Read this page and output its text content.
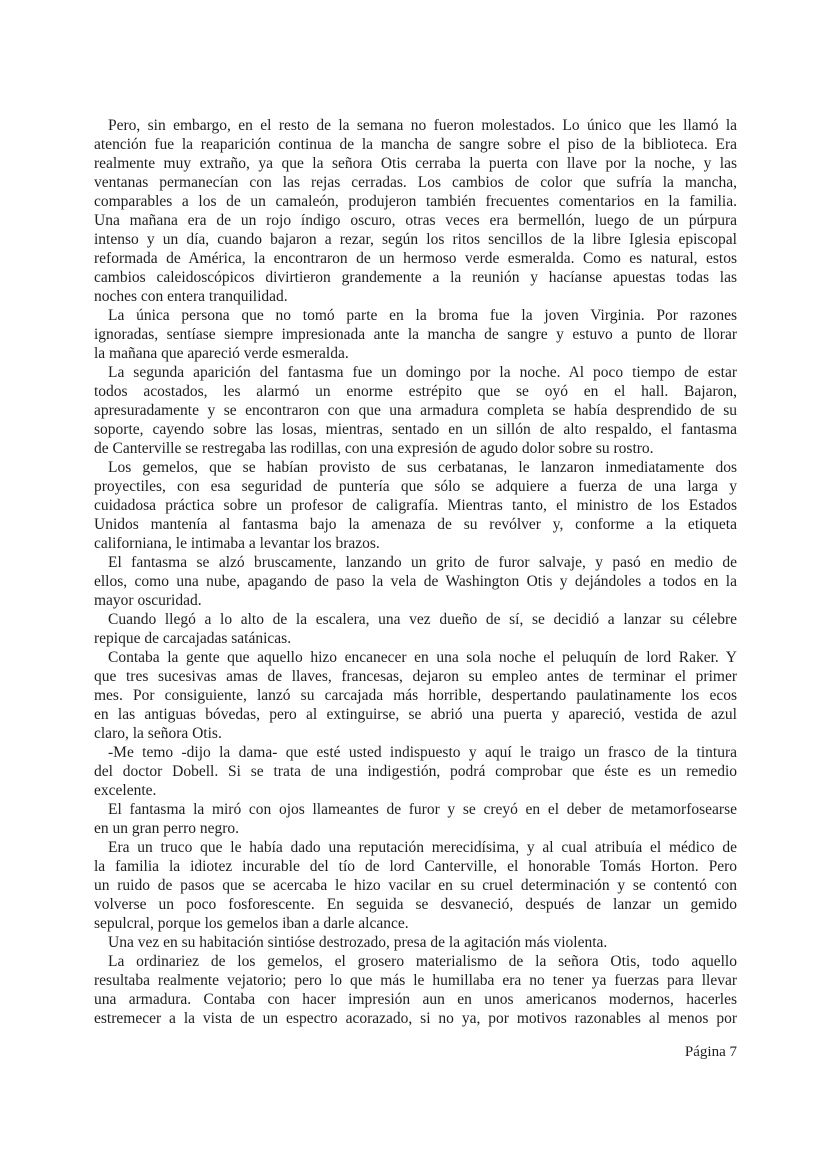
Pero, sin embargo, en el resto de la semana no fueron molestados. Lo único que les llamó la
atención fue la reaparición continua de la mancha de sangre sobre el piso de la biblioteca. Era
realmente muy extraño, ya que la señora Otis cerraba la puerta con llave por la noche, y las
ventanas permanecían con las rejas cerradas. Los cambios de color que sufría la mancha,
comparables a los de un camaleón, produjeron también frecuentes comentarios en la familia.
Una mañana era de un rojo índigo oscuro, otras veces era bermellón, luego de un púrpura
intenso y un día, cuando bajaron a rezar, según los ritos sencillos de la libre Iglesia episcopal
reformada de América, la encontraron de un hermoso verde esmeralda. Como es natural, estos
cambios caleidoscópicos divirtieron grandemente a la reunión y hacíanse apuestas todas las
noches con entera tranquilidad.
La única persona que no tomó parte en la broma fue la joven Virginia. Por razones
ignoradas, sentíase siempre impresionada ante la mancha de sangre y estuvo a punto de llorar
la mañana que apareció verde esmeralda.
La segunda aparición del fantasma fue un domingo por la noche. Al poco tiempo de estar
todos acostados, les alarmó un enorme estrépito que se oyó en el hall. Bajaron,
apresuradamente y se encontraron con que una armadura completa se había desprendido de su
soporte, cayendo sobre las losas, mientras, sentado en un sillón de alto respaldo, el fantasma
de Canterville se restregaba las rodillas, con una expresión de agudo dolor sobre su rostro.
Los gemelos, que se habían provisto de sus cerbatanas, le lanzaron inmediatamente dos
proyectiles, con esa seguridad de puntería que sólo se adquiere a fuerza de una larga y
cuidadosa práctica sobre un profesor de caligrafía. Mientras tanto, el ministro de los Estados
Unidos mantenía al fantasma bajo la amenaza de su revólver y, conforme a la etiqueta
californiana, le intimaba a levantar los brazos.
El fantasma se alzó bruscamente, lanzando un grito de furor salvaje, y pasó en medio de
ellos, como una nube, apagando de paso la vela de Washington Otis y dejándoles a todos en la
mayor oscuridad.
Cuando llegó a lo alto de la escalera, una vez dueño de sí, se decidió a lanzar su célebre
repique de carcajadas satánicas.
Contaba la gente que aquello hizo encanecer en una sola noche el peluquín de lord Raker. Y
que tres sucesivas amas de llaves, francesas, dejaron su empleo antes de terminar el primer
mes. Por consiguiente, lanzó su carcajada más horrible, despertando paulatinamente los ecos
en las antiguas bóvedas, pero al extinguirse, se abrió una puerta y apareció, vestida de azul
claro, la señora Otis.
-Me temo -dijo la dama- que esté usted indispuesto y aquí le traigo un frasco de la tintura
del doctor Dobell. Si se trata de una indigestión, podrá comprobar que éste es un remedio
excelente.
El fantasma la miró con ojos llameantes de furor y se creyó en el deber de metamorfosearse
en un gran perro negro.
Era un truco que le había dado una reputación merecidísima, y al cual atribuía el médico de
la familia la idiotez incurable del tío de lord Canterville, el honorable Tomás Horton. Pero
un ruido de pasos que se acercaba le hizo vacilar en su cruel determinación y se contentó con
volverse un poco fosforescente. En seguida se desvaneció, después de lanzar un gemido
sepulcral, porque los gemelos iban a darle alcance.
Una vez en su habitación sintióse destrozado, presa de la agitación más violenta.
La ordinariez de los gemelos, el grosero materialismo de la señora Otis, todo aquello
resultaba realmente vejatorio; pero lo que más le humillaba era no tener ya fuerzas para llevar
una armadura. Contaba con hacer impresión aun en unos americanos modernos, hacerles
estremecer a la vista de un espectro acorazado, si no ya, por motivos razonables al menos por
Página 7
